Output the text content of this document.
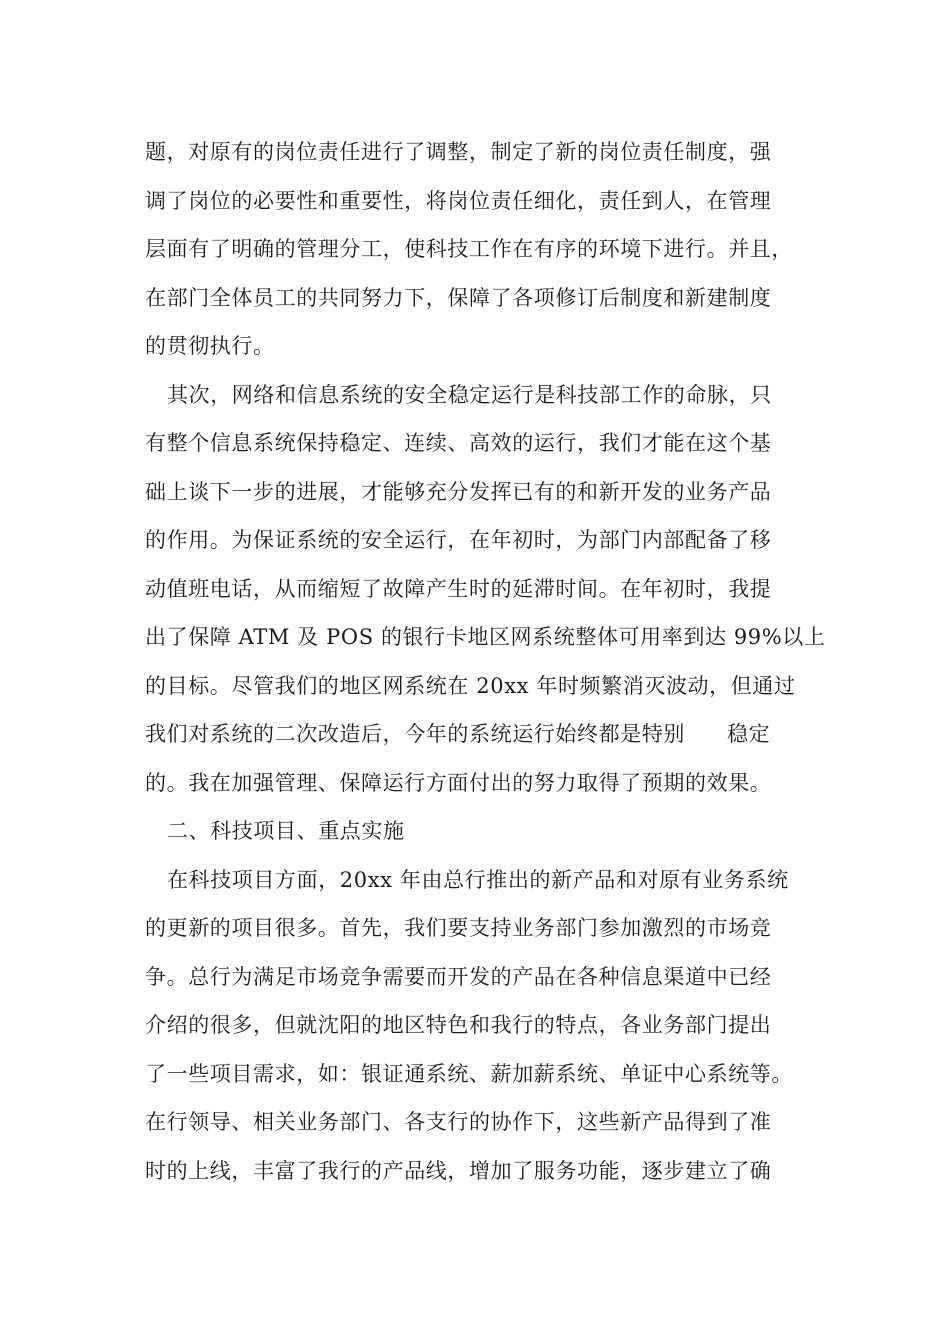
题，对原有的岗位责任进行了调整，制定了新的岗位责任制度，强
调了岗位的必要性和重要性，将岗位责任细化，责任到人，在管理
层面有了明确的管理分工，使科技工作在有序的环境下进行。并且，
在部门全体员工的共同努力下，保障了各项修订后制度和新建制度
的贯彻执行。
其次，网络和信息系统的安全稳定运行是科技部工作的命脉，只
有整个信息系统保持稳定、连续、高效的运行，我们才能在这个基
础上谈下一步的进展，才能够充分发挥已有的和新开发的业务产品
的作用。为保证系统的安全运行，在年初时，为部门内部配备了移
动值班电话，从而缩短了故障产生时的延滞时间。在年初时，我提
出了保障 ATM 及 POS 的银行卡地区网系统整体可用率到达 99%以上
的目标。尽管我们的地区网系统在 20xx 年时频繁消灭波动，但通过
我们对系统的二次改造后，今年的系统运行始终都是特别 稳定
的。我在加强管理、保障运行方面付出的努力取得了预期的效果。
二、科技项目、重点实施
在科技项目方面，20xx 年由总行推出的新产品和对原有业务系统
的更新的项目很多。首先，我们要支持业务部门参加激烈的市场竞
争。总行为满足市场竞争需要而开发的产品在各种信息渠道中已经
介绍的很多，但就沈阳的地区特色和我行的特点，各业务部门提出
了一些项目需求，如：银证通系统、薪加薪系统、单证中心系统等。
在行领导、相关业务部门、各支行的协作下，这些新产品得到了准
时的上线，丰富了我行的产品线，增加了服务功能，逐步建立了确
